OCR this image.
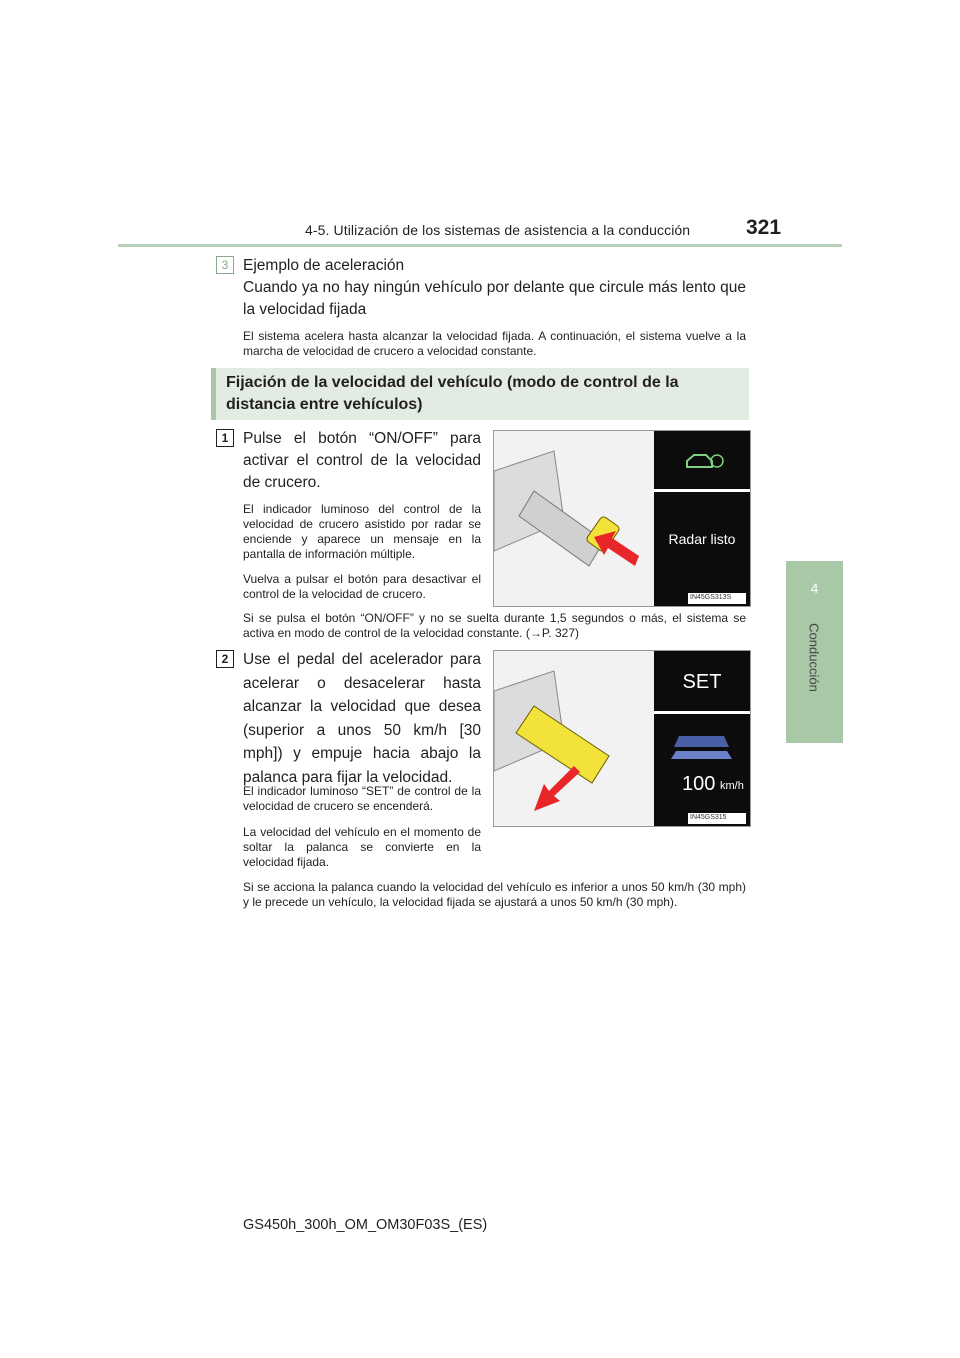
4-5. Utilización de los sistemas de asistencia a la conducción	321
4
Conducción
3 Ejemplo de aceleración
Cuando ya no hay ningún vehículo por delante que circule más lento que la velocidad fijada
El sistema acelera hasta alcanzar la velocidad fijada. A continuación, el sistema vuelve a la marcha de velocidad de crucero a velocidad constante.
Fijación de la velocidad del vehículo (modo de control de la distancia entre vehículos)
1 Pulse el botón “ON/OFF” para activar el control de la velocidad de crucero.
El indicador luminoso del control de la velocidad de crucero asistido por radar se enciende y aparece un mensaje en la pantalla de información múltiple.
Vuelva a pulsar el botón para desactivar el control de la velocidad de crucero.
Si se pulsa el botón “ON/OFF” y no se suelta durante 1,5 segundos o más, el sistema se activa en modo de control de la velocidad constante. (→P. 327)
Radar listo
IN45GS313S
2 Use el pedal del acelerador para acelerar o desacelerar hasta alcanzar la velocidad que desea (superior a unos 50 km/h [30 mph]) y empuje hacia abajo la palanca para fijar la velocidad.
El indicador luminoso “SET” de control de la velocidad de crucero se encenderá.
La velocidad del vehículo en el momento de soltar la palanca se convierte en la velocidad fijada.
Si se acciona la palanca cuando la velocidad del vehículo es inferior a unos 50 km/h (30 mph) y le precede un vehículo, la velocidad fijada se ajustará a unos 50 km/h (30 mph).
SET
100 km/h
IN45GS315
GS450h_300h_OM_OM30F03S_(ES)
